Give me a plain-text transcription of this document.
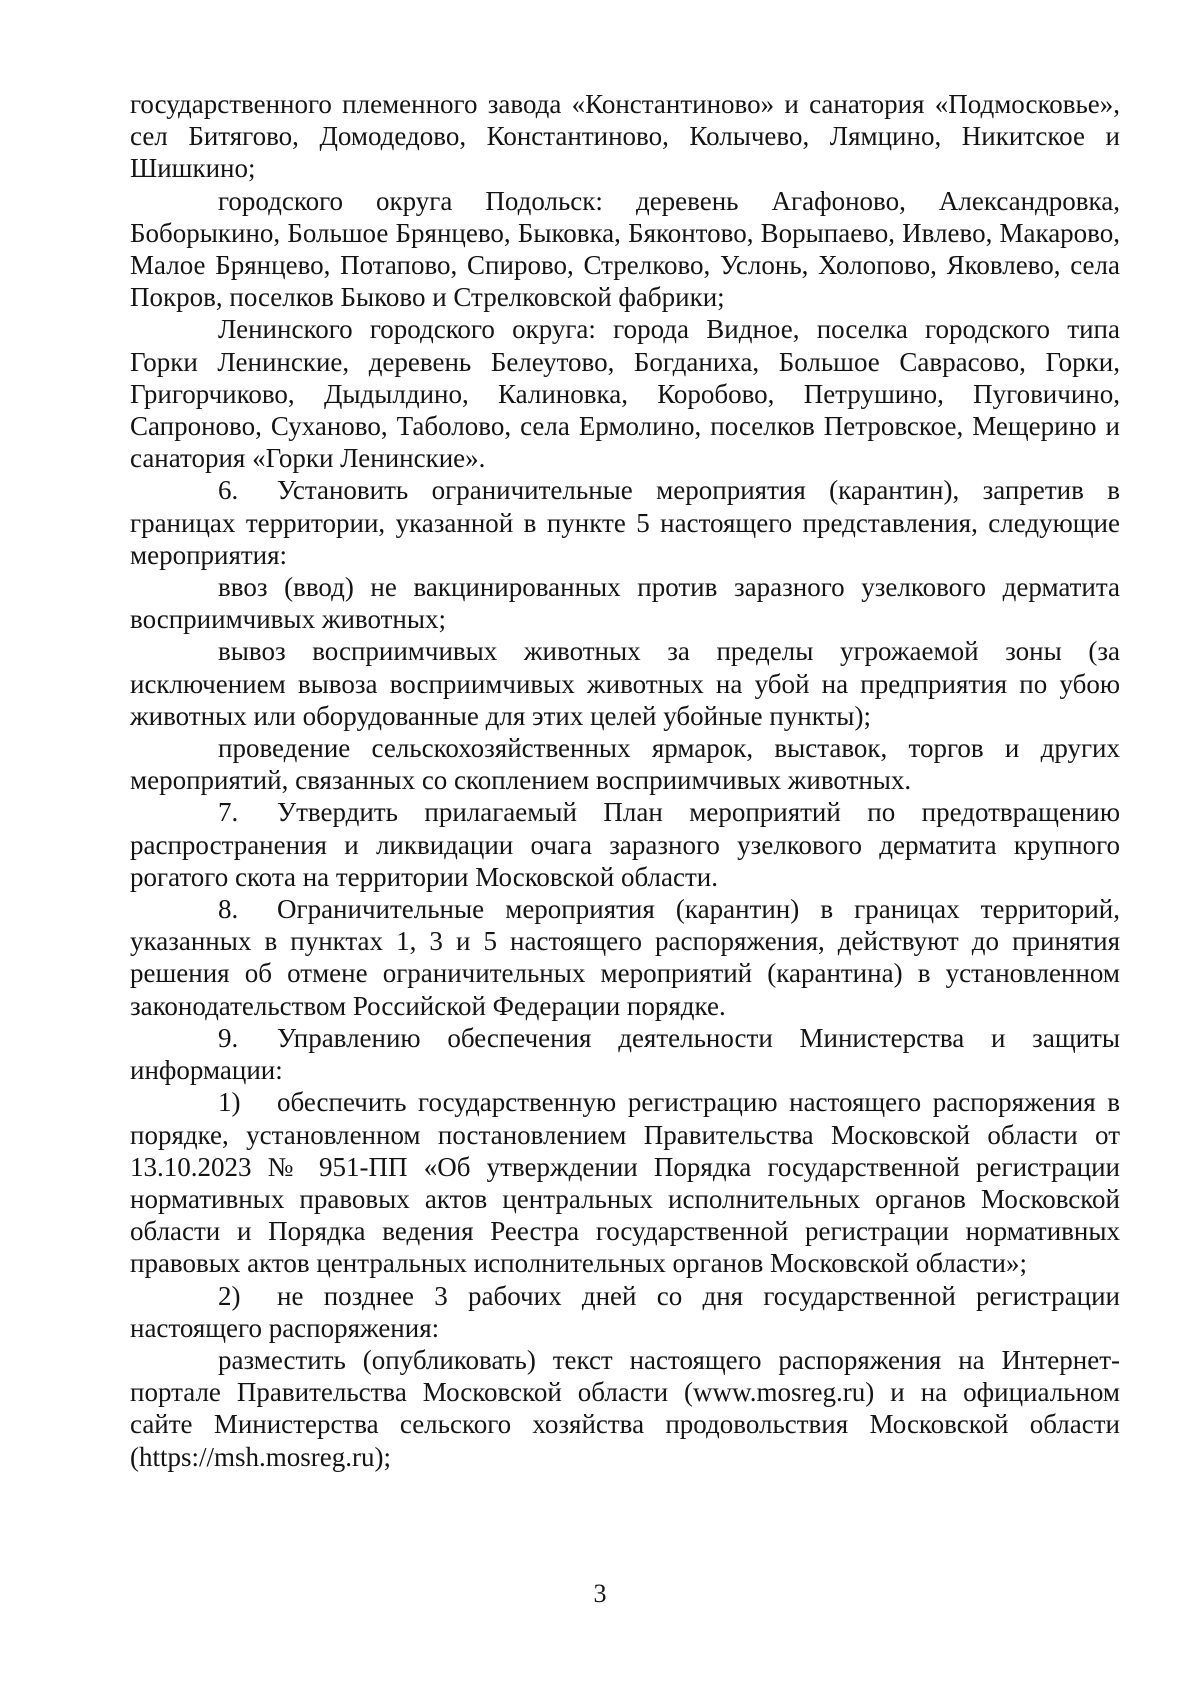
государственного племенного завода «Константиново» и санатория «Подмосковье», сел Битягово, Домодедово, Константиново, Колычево, Лямцино, Никитское и Шишкино;

городского округа Подольск: деревень Агафоново, Александровка, Боборыкино, Большое Брянцево, Быковка, Бяконтово, Ворыпаево, Ивлево, Макарово, Малое Брянцево, Потапово, Спирово, Стрелково, Услонь, Холопово, Яковлево, села Покров, поселков Быково и Стрелковской фабрики;

Ленинского городского округа: города Видное, поселка городского типа Горки Ленинские, деревень Белеутово, Богданиха, Большое Саврасово, Горки, Григорчиково, Дыдылдино, Калиновка, Коробово, Петрушино, Пуговичино, Сапроново, Суханово, Таболово, села Ермолино, поселков Петровское, Мещерино и санатория «Горки Ленинские».

6. Установить ограничительные мероприятия (карантин), запретив в границах территории, указанной в пункте 5 настоящего представления, следующие мероприятия:

ввоз (ввод) не вакцинированных против заразного узелкового дерматита восприимчивых животных;

вывоз восприимчивых животных за пределы угрожаемой зоны (за исключением вывоза восприимчивых животных на убой на предприятия по убою животных или оборудованные для этих целей убойные пункты);

проведение сельскохозяйственных ярмарок, выставок, торгов и других мероприятий, связанных со скоплением восприимчивых животных.

7. Утвердить прилагаемый План мероприятий по предотвращению распространения и ликвидации очага заразного узелкового дерматита крупного рогатого скота на территории Московской области.

8. Ограничительные мероприятия (карантин) в границах территорий, указанных в пунктах 1, 3 и 5 настоящего распоряжения, действуют до принятия решения об отмене ограничительных мероприятий (карантина) в установленном законодательством Российской Федерации порядке.

9. Управлению обеспечения деятельности Министерства и защиты информации:

1) обеспечить государственную регистрацию настоящего распоряжения в порядке, установленном постановлением Правительства Московской области от 13.10.2023 № 951-ПП «Об утверждении Порядка государственной регистрации нормативных правовых актов центральных исполнительных органов Московской области и Порядка ведения Реестра государственной регистрации нормативных правовых актов центральных исполнительных органов Московской области»;

2) не позднее 3 рабочих дней со дня государственной регистрации настоящего распоряжения:

разместить (опубликовать) текст настоящего распоряжения на Интернет-портале Правительства Московской области (www.mosreg.ru) и на официальном сайте Министерства сельского хозяйства продовольствия Московской области (https://msh.mosreg.ru);

3
